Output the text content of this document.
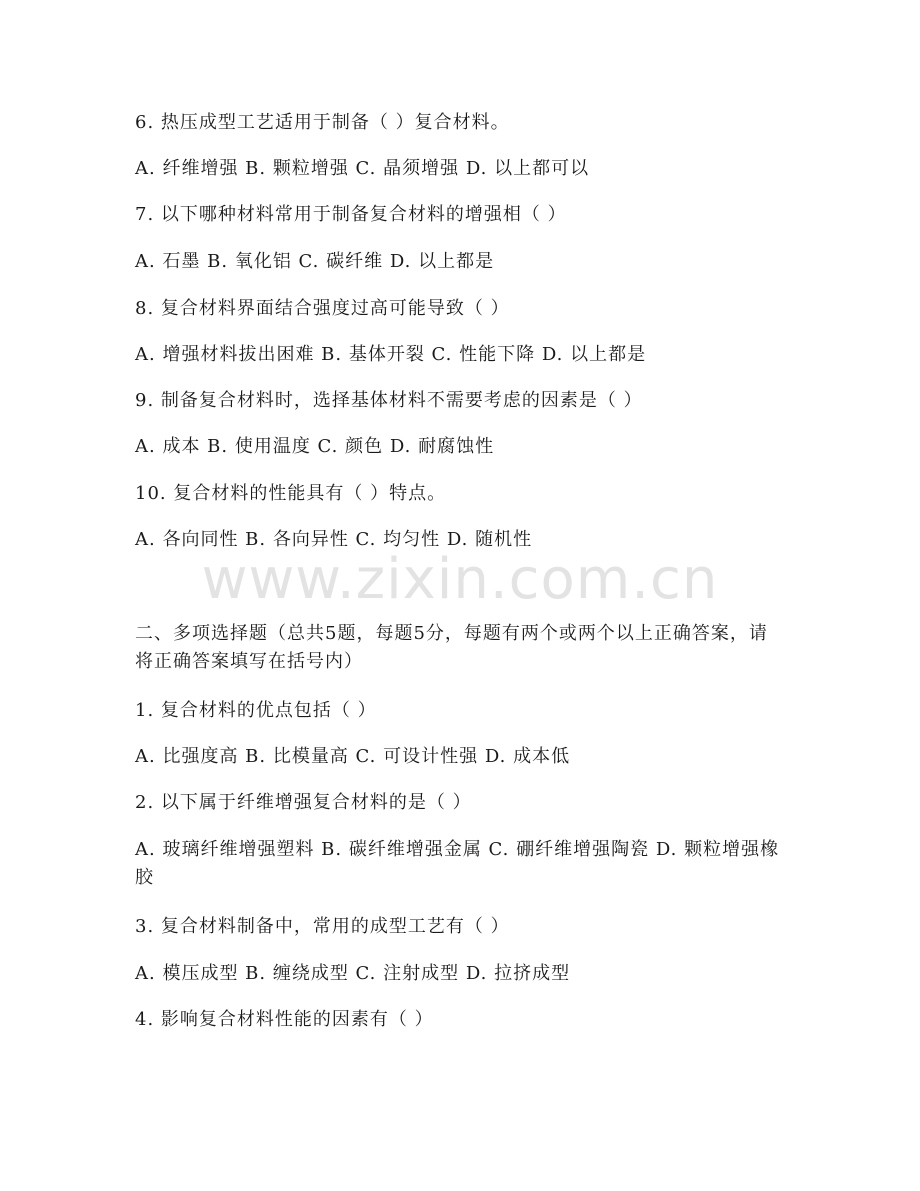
www.zixin.com.cn
6. 热压成型工艺适用于制备（ ）复合材料。
A. 纤维增强 B. 颗粒增强 C. 晶须增强 D. 以上都可以
7. 以下哪种材料常用于制备复合材料的增强相（ ）
A. 石墨 B. 氧化铝 C. 碳纤维 D. 以上都是
8. 复合材料界面结合强度过高可能导致（ ）
A. 增强材料拔出困难 B. 基体开裂 C. 性能下降 D. 以上都是
9. 制备复合材料时，选择基体材料不需要考虑的因素是（ ）
A. 成本 B. 使用温度 C. 颜色 D. 耐腐蚀性
10. 复合材料的性能具有（ ）特点。
A. 各向同性 B. 各向异性 C. 均匀性 D. 随机性
二、多项选择题（总共5题，每题5分，每题有两个或两个以上正确答案，请将正确答案填写在括号内）
1. 复合材料的优点包括（ ）
A. 比强度高 B. 比模量高 C. 可设计性强 D. 成本低
2. 以下属于纤维增强复合材料的是（ ）
A. 玻璃纤维增强塑料 B. 碳纤维增强金属 C. 硼纤维增强陶瓷 D. 颗粒增强橡胶
3. 复合材料制备中，常用的成型工艺有（ ）
A. 模压成型 B. 缠绕成型 C. 注射成型 D. 拉挤成型
4. 影响复合材料性能的因素有（ ）
